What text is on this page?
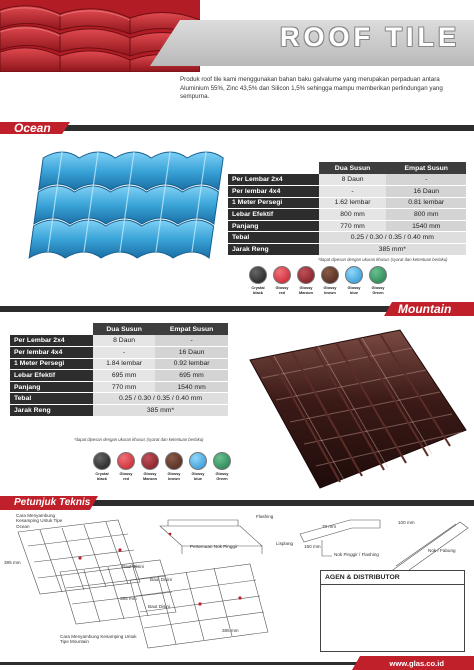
ROOF TILE
Produk roof tile kami menggunakan bahan baku galvalume yang merupakan perpaduan antara Aluminium 55%, Zinc 43,5% dan Silicon 1,5% sehingga mampu memberikan perlindungan yang sempurna.
Ocean
	Dua Susun	Empat Susun
Per Lembar 2x4	8 Daun	-
Per lembar 4x4	-	16 Daun
1 Meter Persegi	1.62 lembar	0.81 lembar
Lebar Efektif	800 mm	800 mm
Panjang	770 mm	1540 mm
Tebal	0.25 / 0.30 / 0.35 / 0.40 mm	
Jarak Reng	385 mm*	
*dapat dipesan dengan ukuran khusus (syarat dan ketentuan berlaku)
Crystal black
Glossy red
Glossy Maroon
Glossy brown
Glossy blue
Glossy Green
Mountain
	Dua Susun	Empat Susun
Per Lembar 2x4	8 Daun	-
Per lembar 4x4	-	16 Daun
1 Meter Persegi	1.84 lembar	0.92 lembar
Lebar Efektif	695 mm	695 mm
Panjang	770 mm	1540 mm
Tebal	0.25 / 0.30 / 0.35 / 0.40 mm	
Jarak Reng	385 mm*	
*dapat dipesan dengan ukuran khusus (syarat dan ketentuan berlaku)
Crystal black
Glossy red
Glossy Maroon
Glossy brown
Glossy blue
Glossy Green
Petunjuk Teknis
Cara Menyambung Kesamping Untuk Tipe Ocean
385 mm
Baut Disini
Baut Disini
385 mm
Baut Disini
Cara Menyambung Kesamping Untuk Tipe Mountain
385 mm
Flashing
Pertemuan Nok Pinggir
Lisplang
70 mm
150 mm
Nok Pinggir / Flashing
100 mm
Nok / Fabung
AGEN & DISTRIBUTOR
www.glas.co.id
